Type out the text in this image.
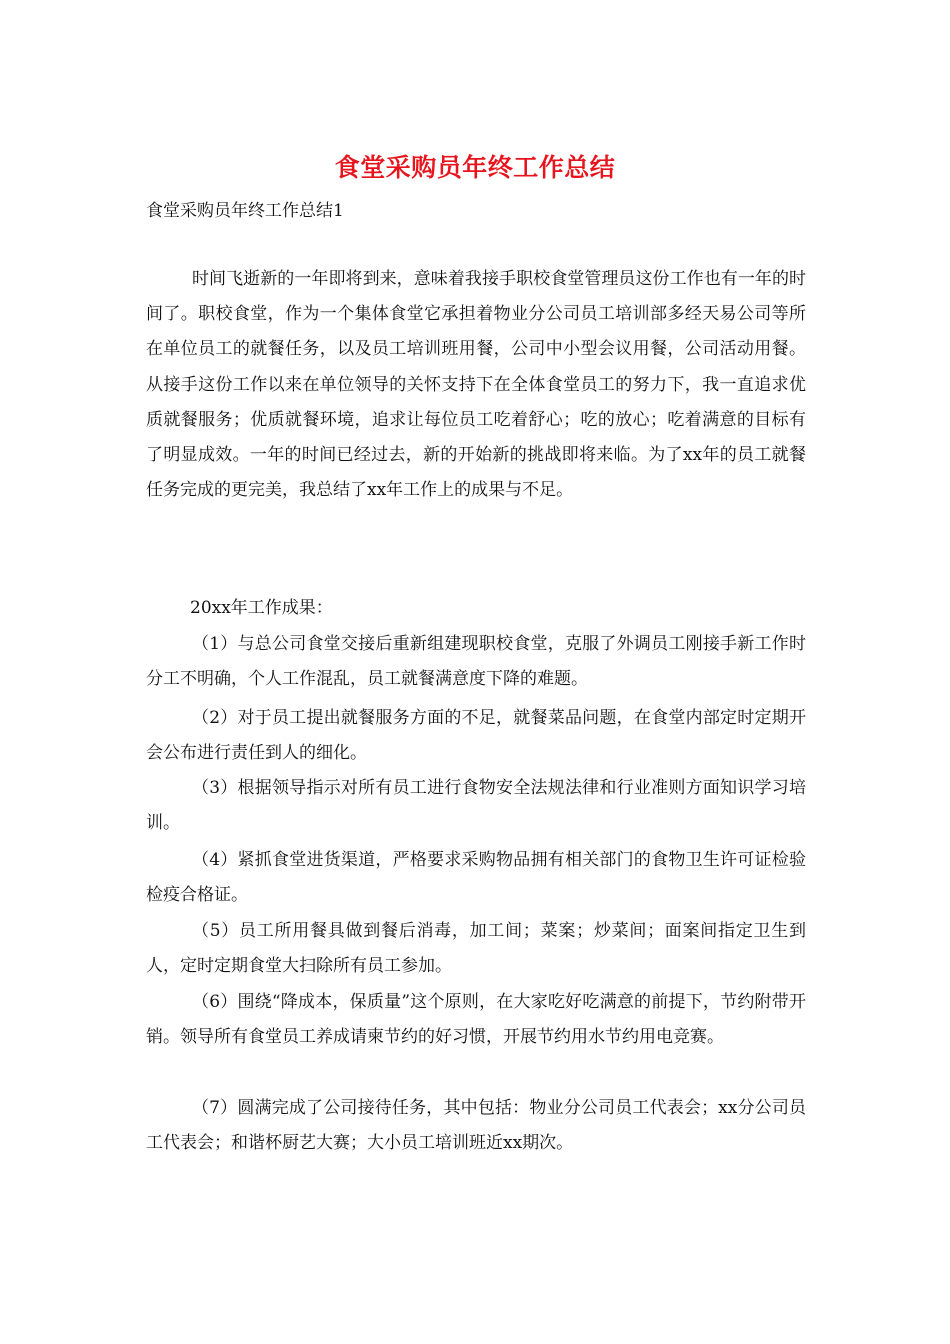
食堂采购员年终工作总结
食堂采购员年终工作总结1

时间飞逝新的一年即将到来，意味着我接手职校食堂管理员这份工作也有一年的时间了。职校食堂，作为一个集体食堂它承担着物业分公司员工培训部多经天易公司等所在单位员工的就餐任务，以及员工培训班用餐，公司中小型会议用餐，公司活动用餐。从接手这份工作以来在单位领导的关怀支持下在全体食堂员工的努力下，我一直追求优质就餐服务；优质就餐环境，追求让每位员工吃着舒心；吃的放心；吃着满意的目标有了明显成效。一年的时间已经过去，新的开始新的挑战即将来临。为了xx年的员工就餐任务完成的更完美，我总结了xx年工作上的成果与不足。

20xx年工作成果：

（1）与总公司食堂交接后重新组建现职校食堂，克服了外调员工刚接手新工作时分工不明确，个人工作混乱，员工就餐满意度下降的难题。

（2）对于员工提出就餐服务方面的不足，就餐菜品问题，在食堂内部定时定期开会公布进行责任到人的细化。

（3）根据领导指示对所有员工进行食物安全法规法律和行业准则方面知识学习培训。

（4）紧抓食堂进货渠道，严格要求采购物品拥有相关部门的食物卫生许可证检验检疫合格证。

（5）员工所用餐具做到餐后消毒，加工间；菜案；炒菜间；面案间指定卫生到人，定时定期食堂大扫除所有员工参加。

（6）围绕“降成本，保质量”这个原则，在大家吃好吃满意的前提下，节约附带开销。领导所有食堂员工养成请柬节约的好习惯，开展节约用水节约用电竞赛。

（7）圆满完成了公司接待任务，其中包括：物业分公司员工代表会；xx分公司员工代表会；和谐杯厨艺大赛；大小员工培训班近xx期次。
